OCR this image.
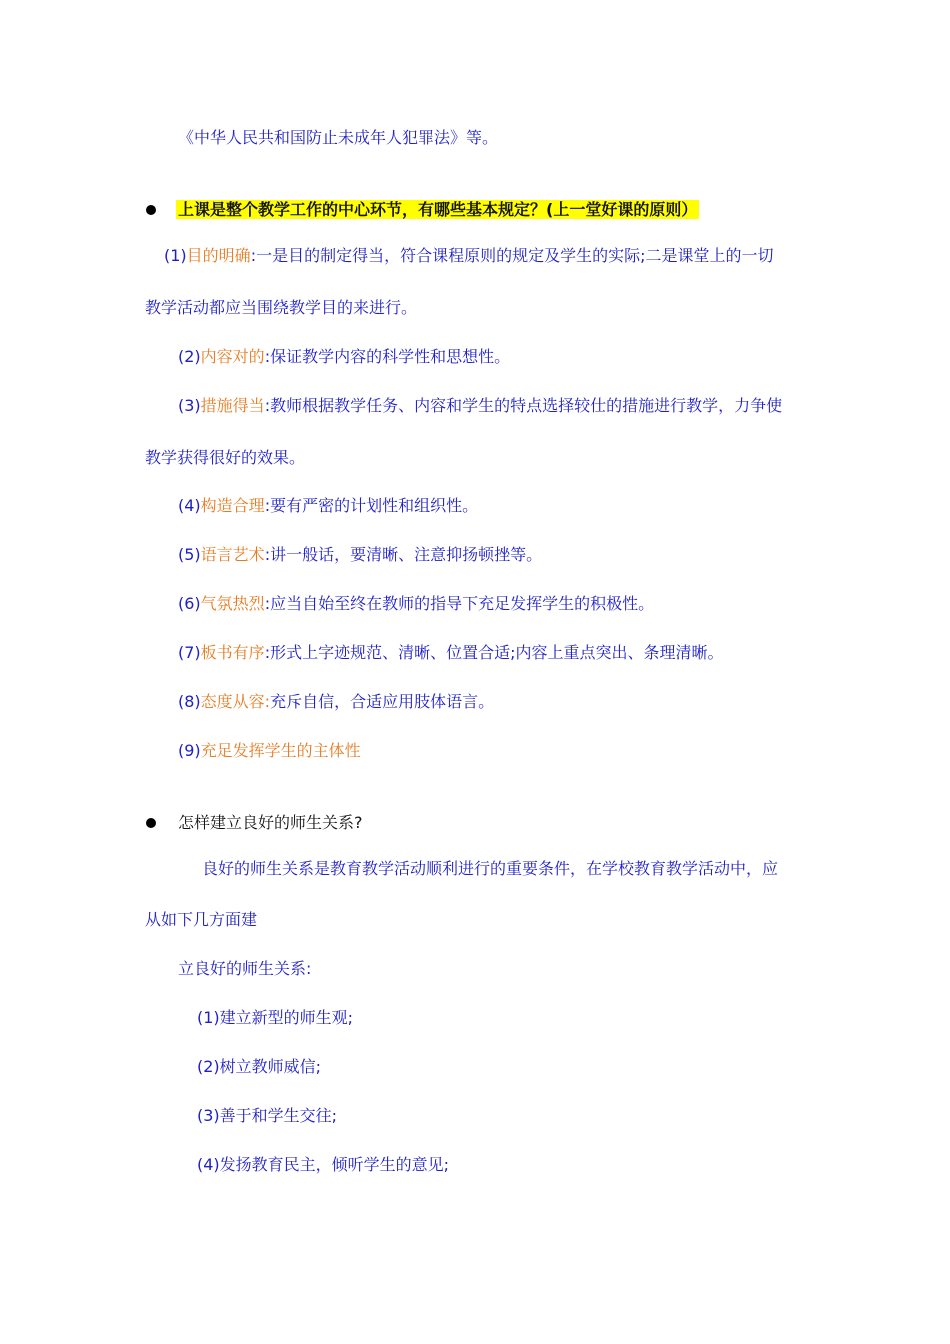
《中华人民共和国防止未成年人犯罪法》等。
上课是整个教学工作的中心环节，有哪些基本规定？(上一堂好课的原则）
(1)目的明确:一是目的制定得当，符合课程原则的规定及学生的实际;二是课堂上的一切
教学活动都应当围绕教学目的来进行。
(2)内容对的:保证教学内容的科学性和思想性。
(3)措施得当:教师根据教学任务、内容和学生的特点选择较仕的措施进行教学，力争使
教学获得很好的效果。
(4)构造合理:要有严密的计划性和组织性。
(5)语言艺术:讲一般话，要清晰、注意抑扬顿挫等。
(6)气氛热烈:应当自始至终在教师的指导下充足发挥学生的积极性。
(7)板书有序:形式上字迹规范、清晰、位置合适;内容上重点突出、条理清晰。
(8)态度从容:充斥自信，合适应用肢体语言。
(9)充足发挥学生的主体性
怎样建立良好的师生关系?
良好的师生关系是教育教学活动顺利进行的重要条件，在学校教育教学活动中，应
从如下几方面建
立良好的师生关系:
(1)建立新型的师生观;
(2)树立教师威信;
(3)善于和学生交往;
(4)发扬教育民主，倾听学生的意见;
